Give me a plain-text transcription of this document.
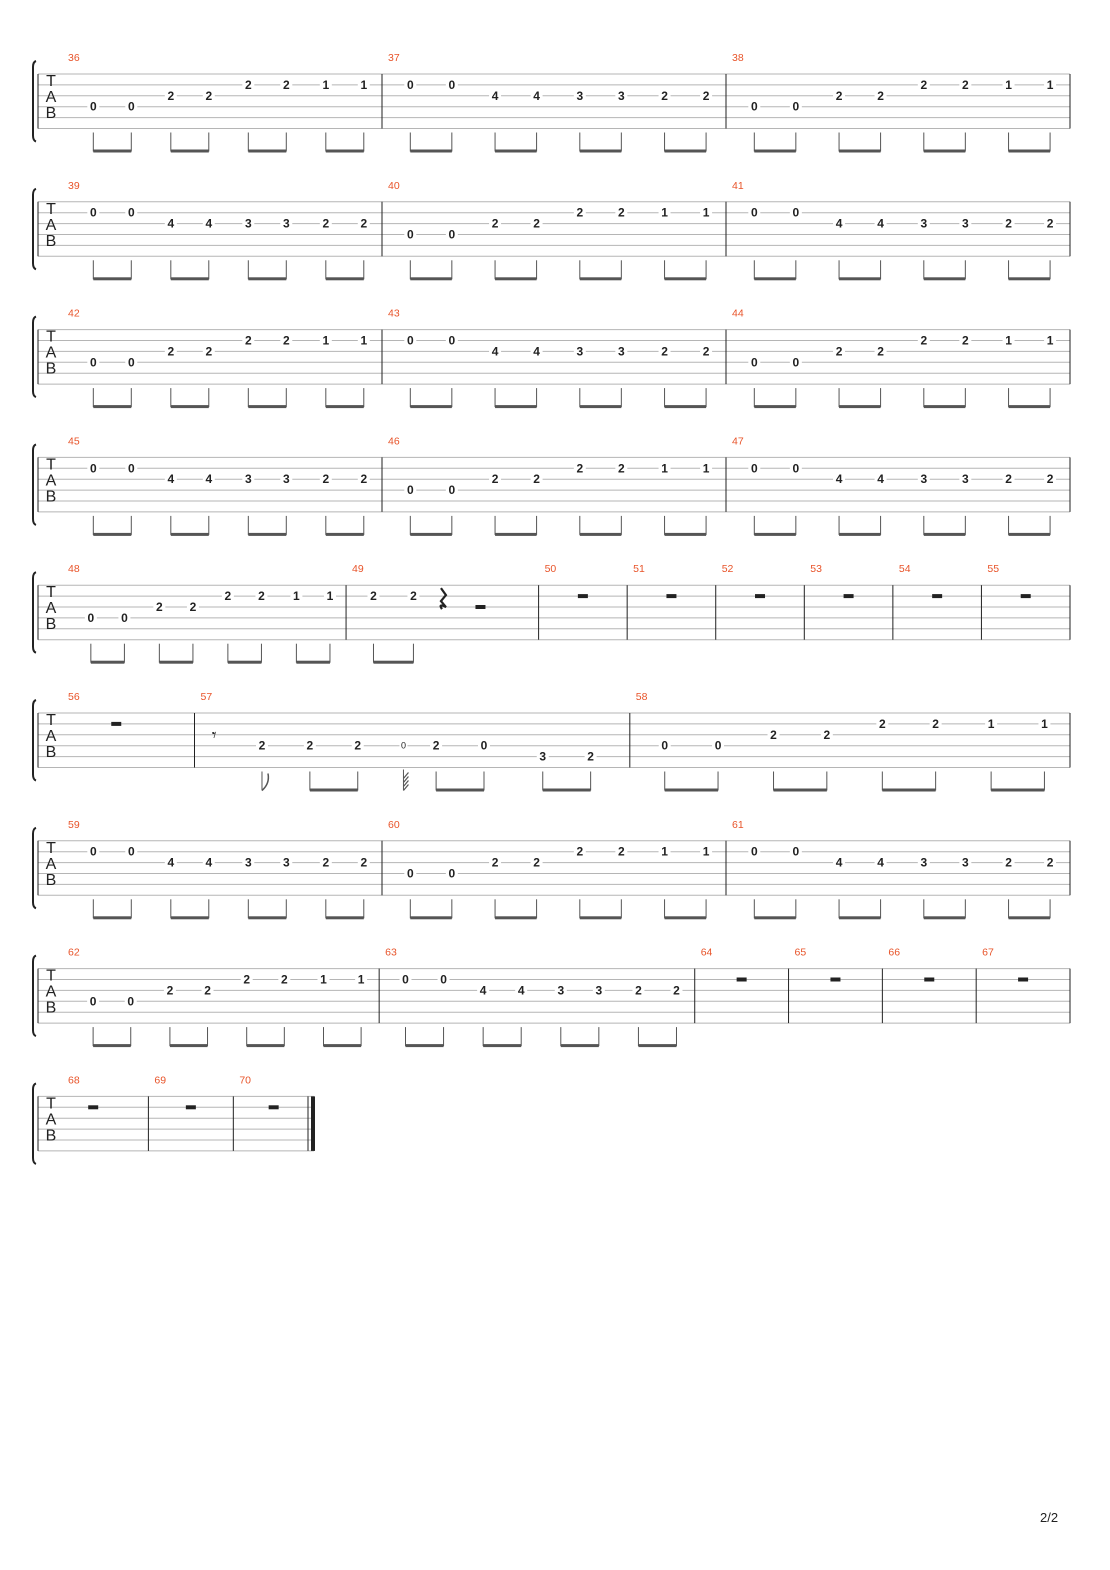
T
A
B
36
0	0
2	2
2	2	1	1
37
0	0
4	4	3	3	2	2
38
0	0
2	2
2	2	1	1
T
A
B
39
0	0
4	4	3	3	2	2
40
0	0
2	2
2	2	1	1
41
0	0
4	4	3	3	2	2
T
A
B
42
0	0
2	2
2	2	1	1
43
0	0
4	4	3	3	2	2
44
0	0
2	2
2	2	1	1
T
A
B
45
0	0
4	4	3	3	2	2
46
0	0
2	2
2	2	1	1
47
0	0
4	4	3	3	2	2
T
A
B
48
0 0
2 2
2 2 1 1
49
2	2
50	51	52	53	54	55
T
A
B
56	57
𝄾
2	2	2	0 2	0
3	2
58
0	0
2	2
2	2	1	1
T
A
B
59
0	0
4	4	3	3	2	2
60
0	0
2	2
2	2	1	1
61
0	0
4	4	3	3	2	2
T
A
B
62
0	0
2	2
2	2	1	1
63
0	0
4	4	3	3	2	2
64	65	66	67
T
A
B
68	69	70
2/2
